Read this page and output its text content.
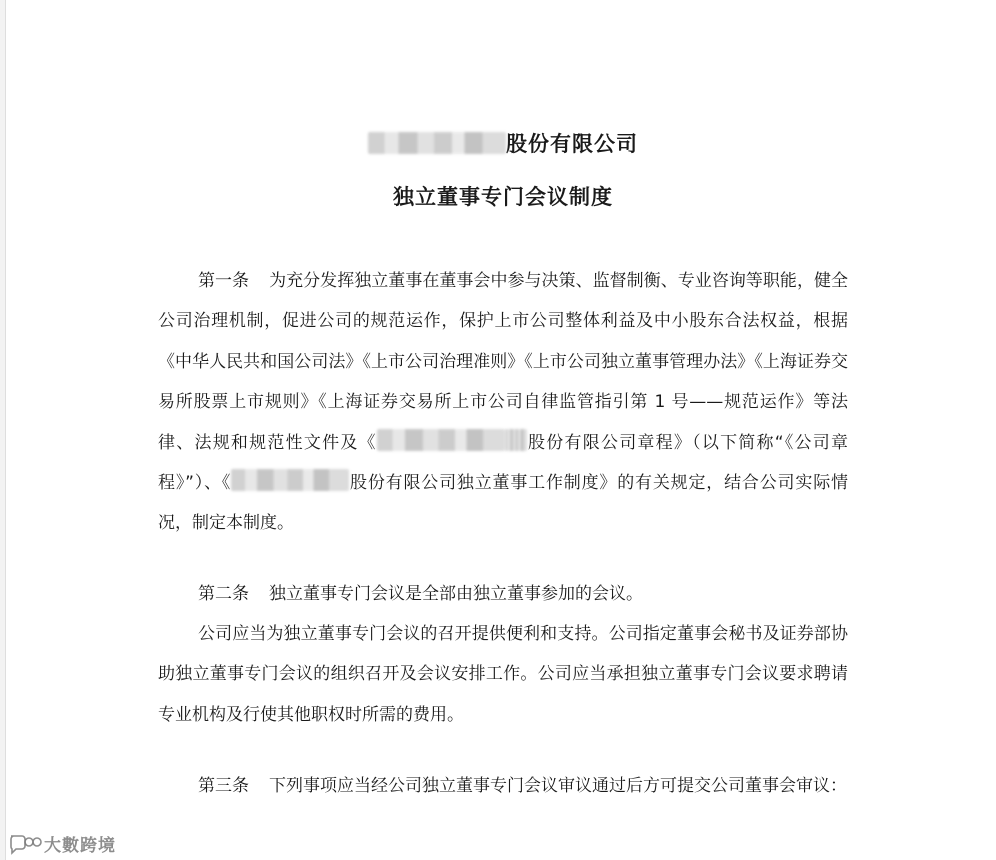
股份有限公司
独立董事专门会议制度

第一条 为充分发挥独立董事在董事会中参与决策、监督制衡、专业咨询等职能，健全公司治理机制，促进公司的规范运作，保护上市公司整体利益及中小股东合法权益，根据《中华人民共和国公司法》《上市公司治理准则》《上市公司独立董事管理办法》《上海证券交易所股票上市规则》《上海证券交易所上市公司自律监管指引第 1 号——规范运作》等法律、法规和规范性文件及《	股份有限公司章程》（以下简称“《公司章程》”）、《	股份有限公司独立董事工作制度》的有关规定，结合公司实际情况，制定本制度。

第二条 独立董事专门会议是全部由独立董事参加的会议。

公司应当为独立董事专门会议的召开提供便利和支持。公司指定董事会秘书及证券部协助独立董事专门会议的组织召开及会议安排工作。公司应当承担独立董事专门会议要求聘请专业机构及行使其他职权时所需的费用。

第三条 下列事项应当经公司独立董事专门会议审议通过后方可提交公司董事会审议：

大數跨境
